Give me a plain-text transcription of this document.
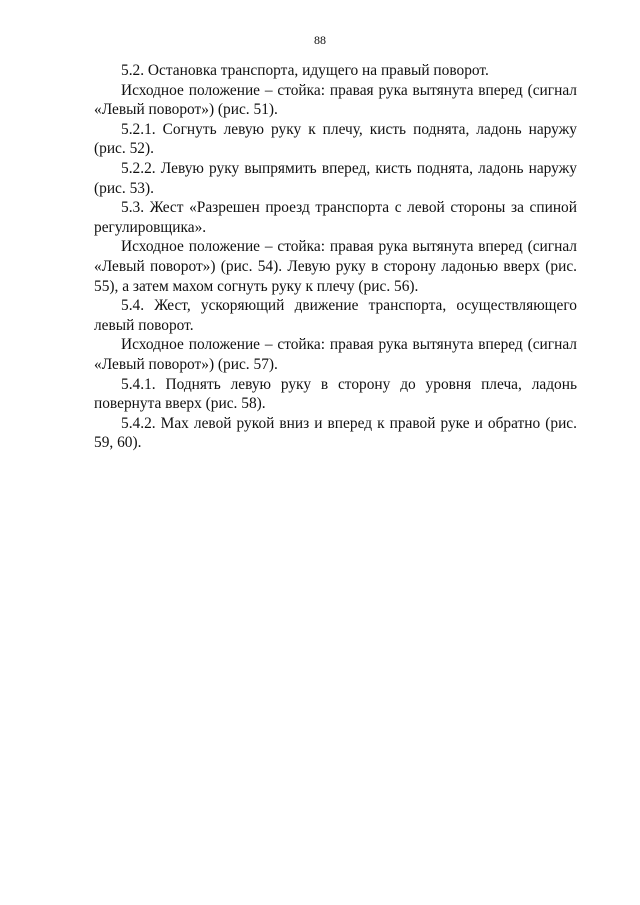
88

5.2. Остановка транспорта, идущего на правый поворот.

Исходное положение – стойка: правая рука вытянута вперед (сигнал «Левый поворот») (рис. 51).

5.2.1. Согнуть левую руку к плечу, кисть поднята, ладонь наружу (рис. 52).

5.2.2. Левую руку выпрямить вперед, кисть поднята, ладонь наружу (рис. 53).

5.3. Жест «Разрешен проезд транспорта с левой стороны за спиной регулировщика».

Исходное положение – стойка: правая рука вытянута вперед (сигнал «Левый поворот») (рис. 54). Левую руку в сторону ладонью вверх (рис. 55), а затем махом согнуть руку к плечу (рис. 56).

5.4. Жест, ускоряющий движение транспорта, осуществляющего левый поворот.

Исходное положение – стойка: правая рука вытянута вперед (сигнал «Левый поворот») (рис. 57).

5.4.1. Поднять левую руку в сторону до уровня плеча, ладонь повернута вверх (рис. 58).

5.4.2. Мах левой рукой вниз и вперед к правой руке и обратно (рис. 59, 60).
